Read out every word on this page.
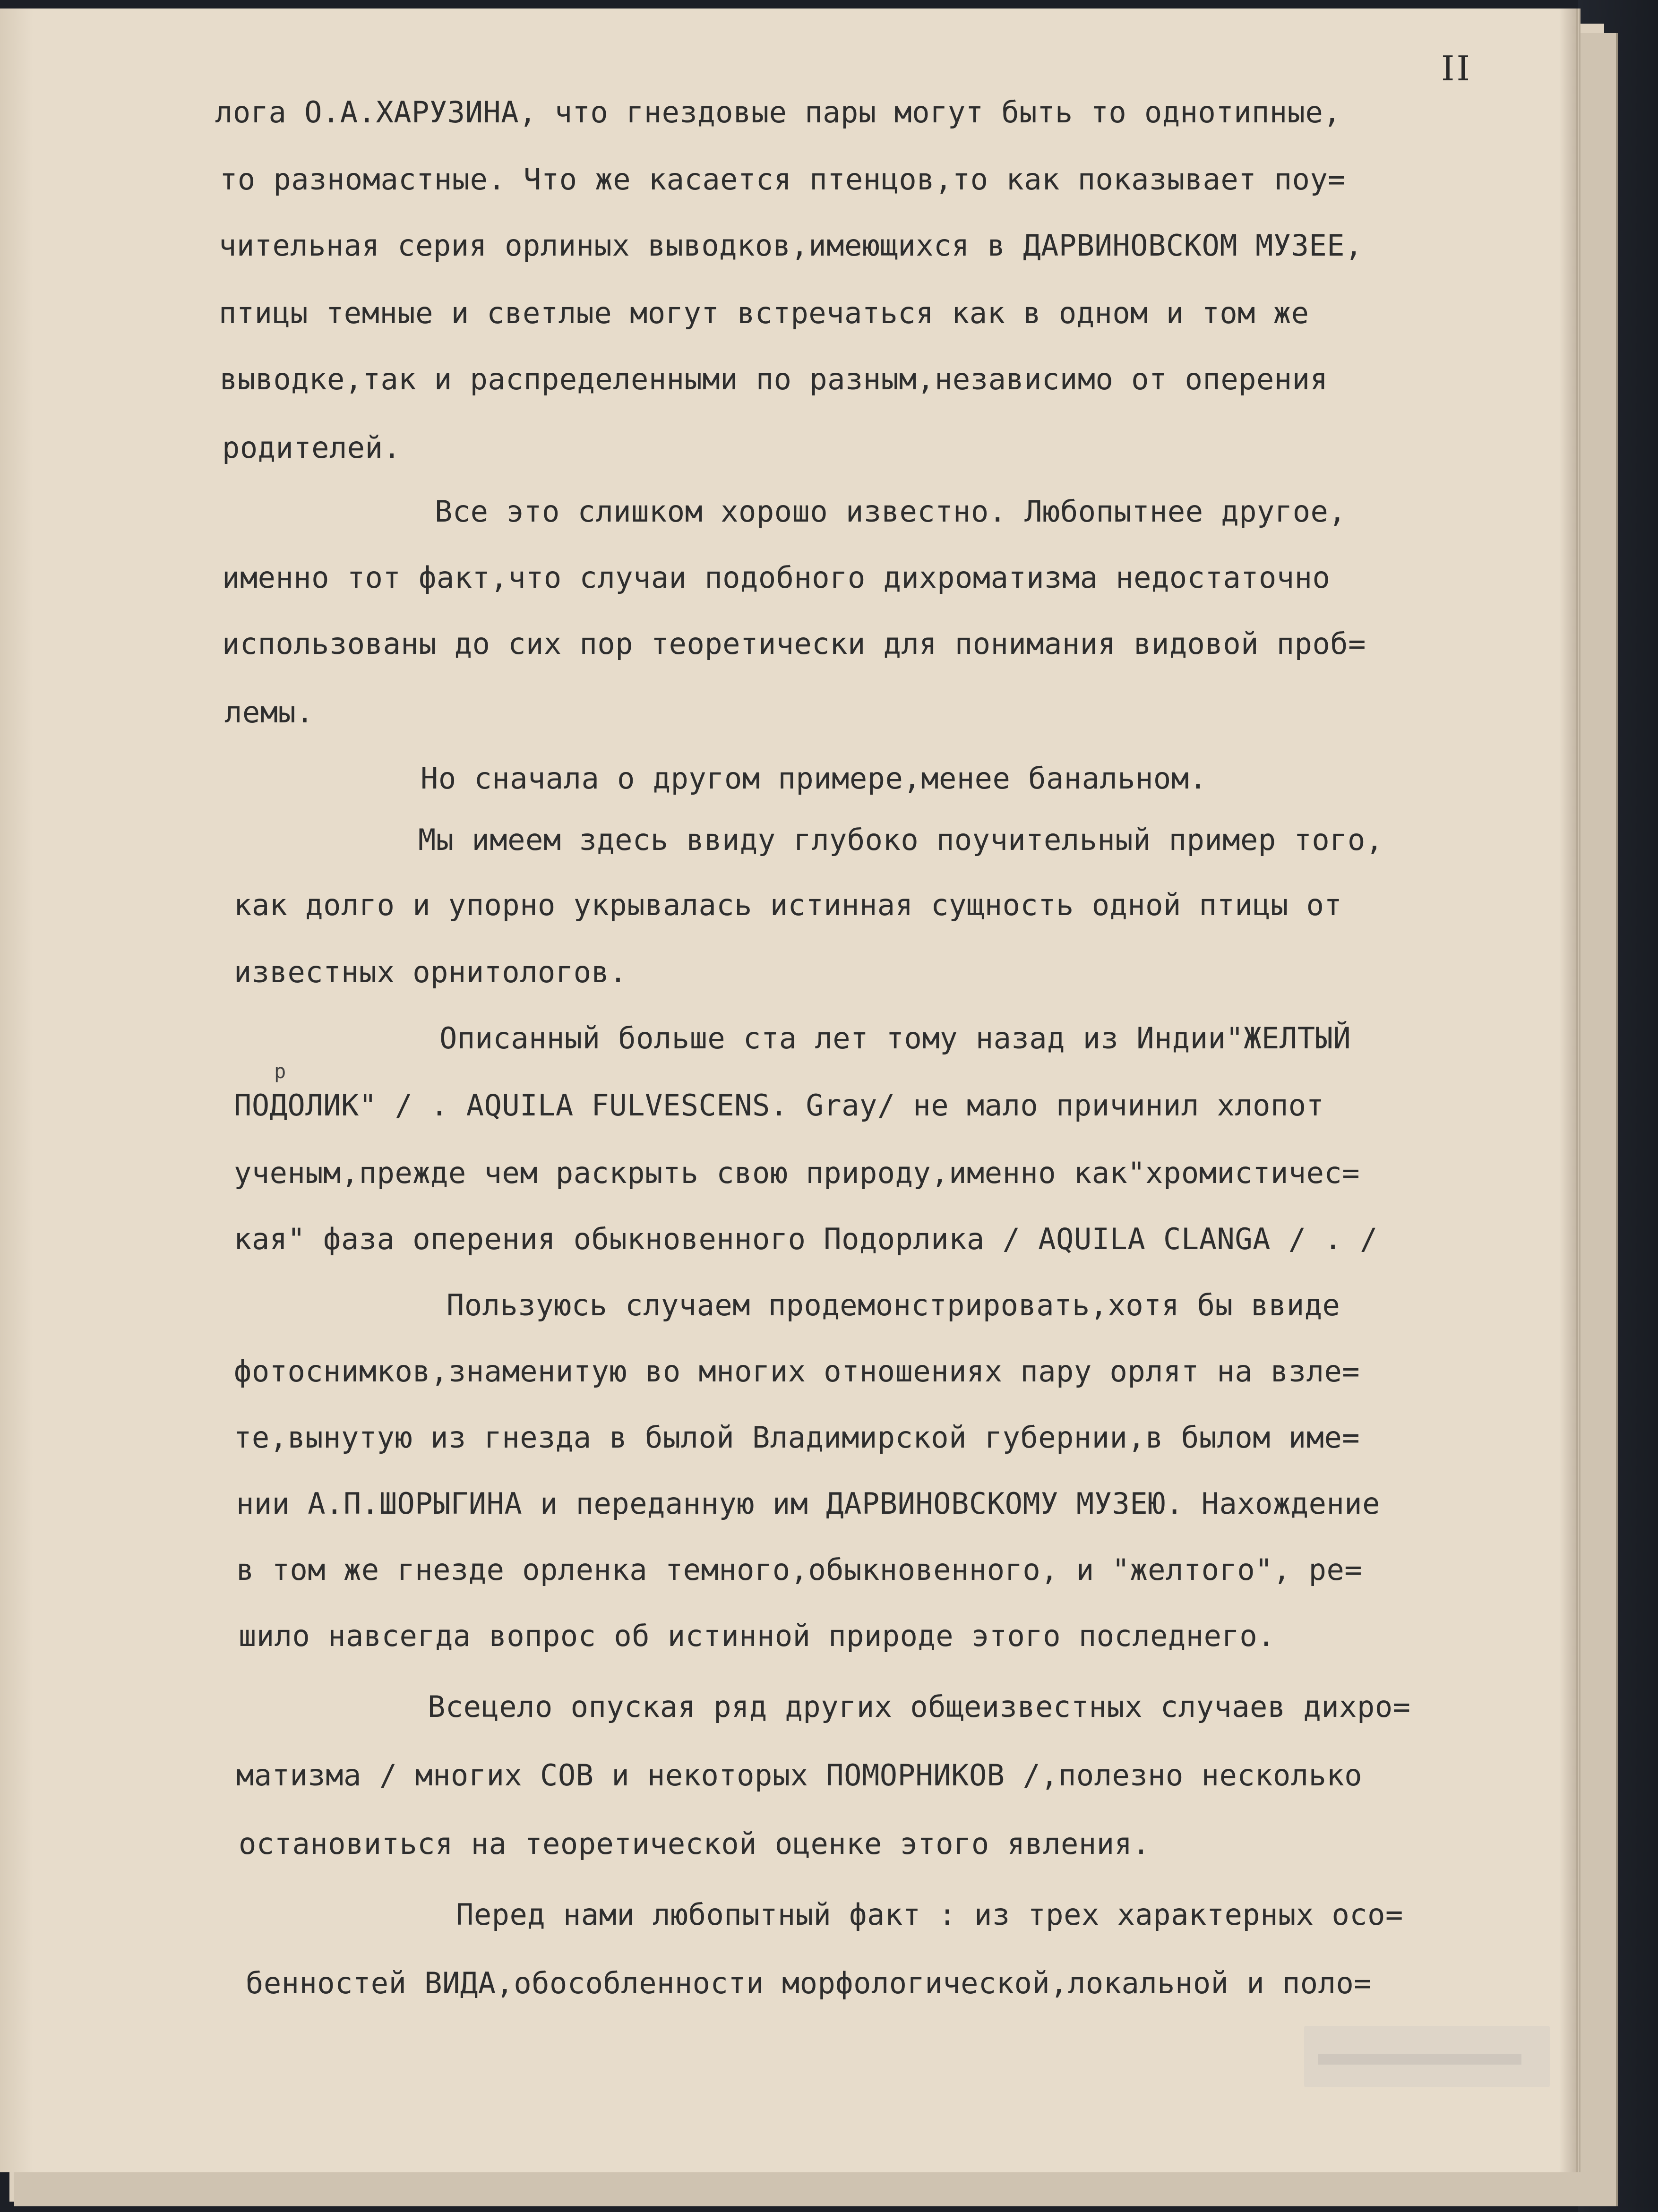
II
лога О.А.ХАРУЗИНА, что гнездовые пары могут быть то однотипные,
то разномастные. Что же касается птенцов,то как показывает поу=
чительная серия орлиных выводков,имеющихся в ДАРВИНОВСКОМ МУЗЕЕ,
птицы темные и светлые могут встречаться как в одном и том же
выводке,так и распределенными по разным,независимо от оперения
родителей.
Все это слишком хорошо известно. Любопытнее другое,
именно тот факт,что случаи подобного дихроматизма недостаточно
использованы до сих пор теоретически для понимания видовой проб=
лемы.
Но сначала о другом примере,менее банальном.
Мы имеем здесь ввиду глубоко поучительный пример того,
как долго и упорно укрывалась истинная сущность одной птицы от
известных орнитологов.
Описанный больше ста лет тому назад из Индии"ЖЕЛТЫЙ
р
ПОДОЛИК" / . AQUILA FULVESCENS. Gray/ не мало причинил хлопот
ученым,прежде чем раскрыть свою природу,именно как"хромистичес=
кая" фаза оперения обыкновенного Подорлика / AQUILA CLANGA / . /
Пользуюсь случаем продемонстрировать,хотя бы ввиде
фотоснимков,знаменитую во многих отношениях пару орлят на взле=
те,вынутую из гнезда в былой Владимирской губернии,в былом име=
нии А.П.ШОРЫГИНА и переданную им ДАРВИНОВСКОМУ МУЗЕЮ. Нахождение
в том же гнезде орленка темного,обыкновенного, и "желтого", ре=
шило навсегда вопрос об истинной природе этого последнего.
Всецело опуская ряд других общеизвестных случаев дихро=
матизма / многих СОВ и некоторых ПОМОРНИКОВ /,полезно несколько
остановиться на теоретической оценке этого явления.
Перед нами любопытный факт : из трех характерных осо=
бенностей ВИДА,обособленности морфологической,локальной и поло=
